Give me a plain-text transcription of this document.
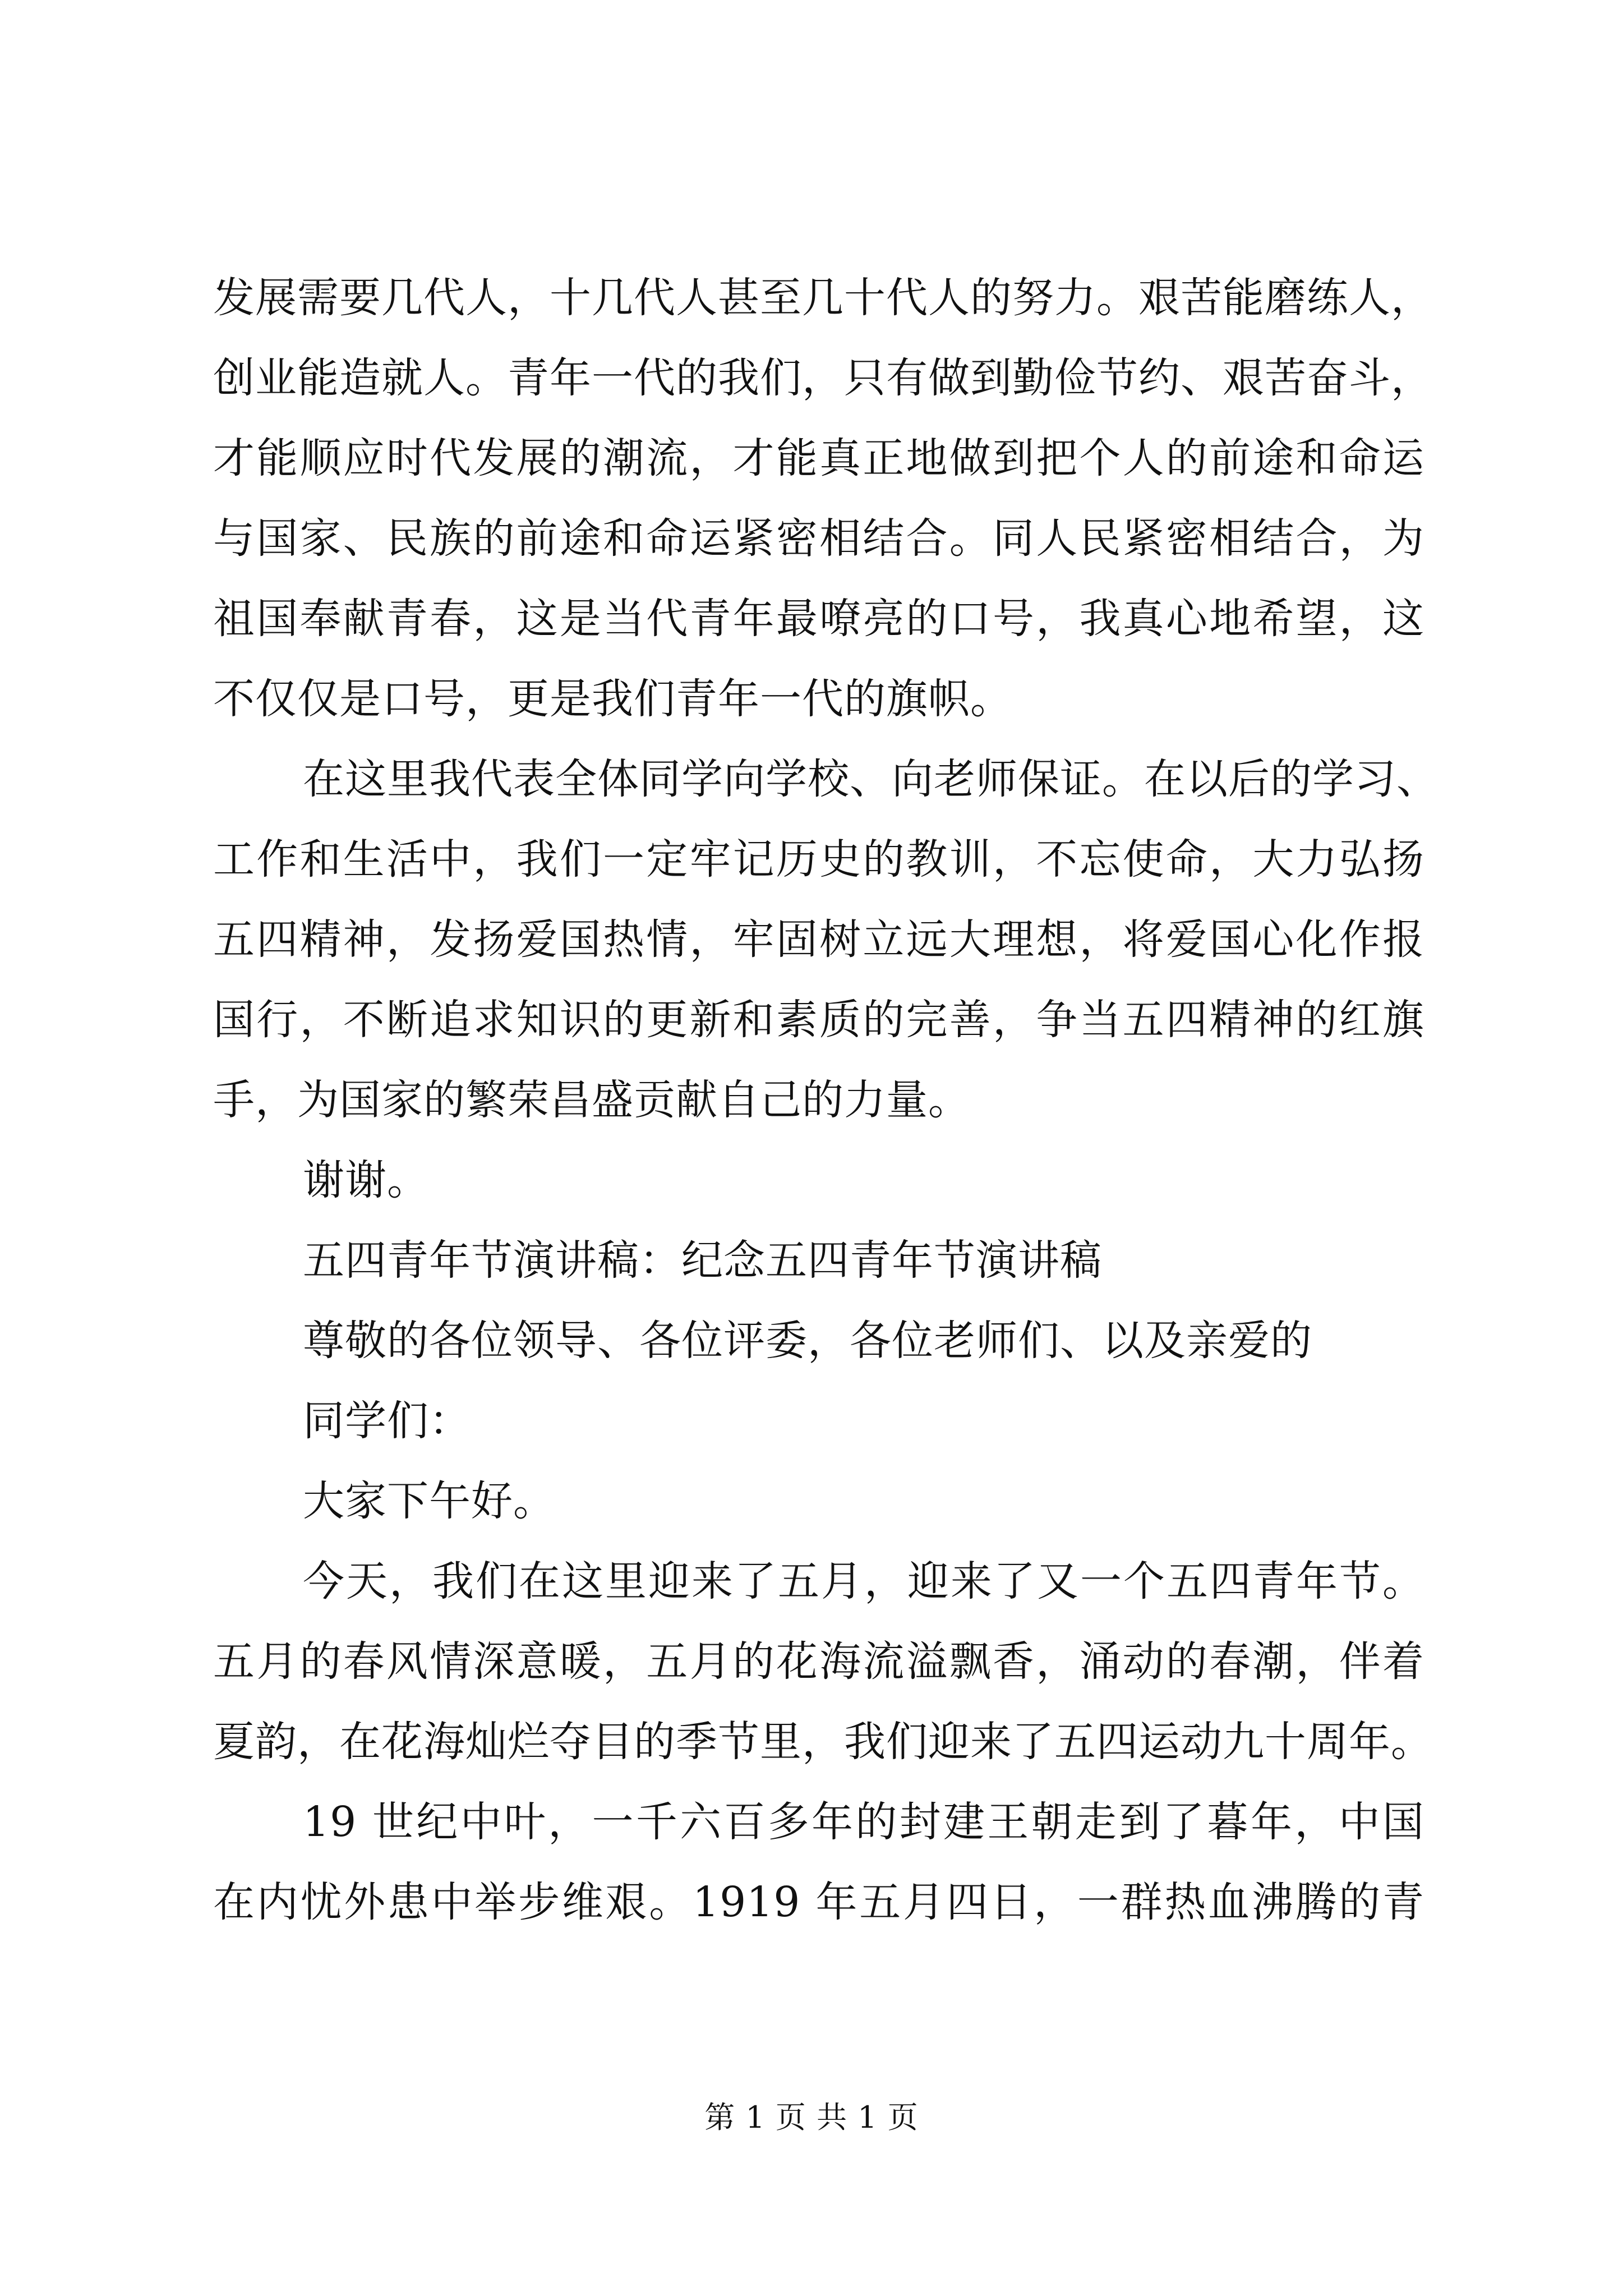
发展需要几代人，十几代人甚至几十代人的努力。艰苦能磨练人，
创业能造就人。青年一代的我们，只有做到勤俭节约、艰苦奋斗，
才能顺应时代发展的潮流，才能真正地做到把个人的前途和命运
与国家、民族的前途和命运紧密相结合。同人民紧密相结合，为
祖国奉献青春，这是当代青年最嘹亮的口号，我真心地希望，这
不仅仅是口号，更是我们青年一代的旗帜。
在这里我代表全体同学向学校、向老师保证。在以后的学习、
工作和生活中，我们一定牢记历史的教训，不忘使命，大力弘扬
五四精神，发扬爱国热情，牢固树立远大理想，将爱国心化作报
国行，不断追求知识的更新和素质的完善，争当五四精神的红旗
手，为国家的繁荣昌盛贡献自己的力量。
谢谢。
五四青年节演讲稿：纪念五四青年节演讲稿
尊敬的各位领导、各位评委，各位老师们、以及亲爱的
同学们：
大家下午好。
今天，我们在这里迎来了五月，迎来了又一个五四青年节。
五月的春风情深意暖，五月的花海流溢飘香，涌动的春潮，伴着
夏韵，在花海灿烂夺目的季节里，我们迎来了五四运动九十周年。
19 世纪中叶，一千六百多年的封建王朝走到了暮年，中国
在内忧外患中举步维艰。1919 年五月四日，一群热血沸腾的青
第 1 页 共 1 页
